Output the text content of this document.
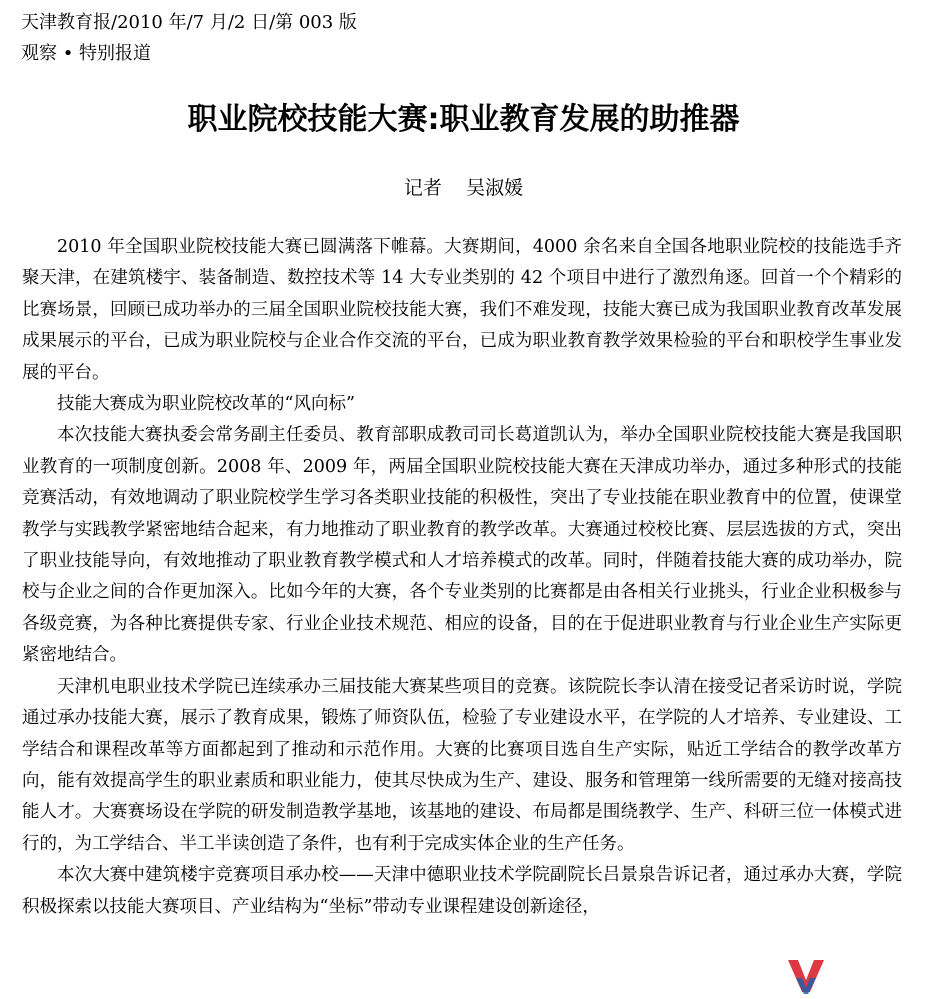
天津教育报/2010 年/7 月/2 日/第 003 版
观察 • 特别报道
职业院校技能大赛:职业教育发展的助推器
记者    吴淑媛

2010 年全国职业院校技能大赛已圆满落下帷幕。大赛期间，4000 余名来自全国各地职业院校的技能选手齐聚天津，在建筑楼宇、装备制造、数控技术等 14 大专业类别的 42 个项目中进行了激烈角逐。回首一个个精彩的比赛场景，回顾已成功举办的三届全国职业院校技能大赛，我们不难发现，技能大赛已成为我国职业教育改革发展成果展示的平台，已成为职业院校与企业合作交流的平台，已成为职业教育教学效果检验的平台和职校学生事业发展的平台。

技能大赛成为职业院校改革的“风向标”

本次技能大赛执委会常务副主任委员、教育部职成教司司长葛道凯认为，举办全国职业院校技能大赛是我国职业教育的一项制度创新。2008 年、2009 年，两届全国职业院校技能大赛在天津成功举办，通过多种形式的技能竞赛活动，有效地调动了职业院校学生学习各类职业技能的积极性，突出了专业技能在职业教育中的位置，使课堂教学与实践教学紧密地结合起来，有力地推动了职业教育的教学改革。大赛通过校校比赛、层层选拔的方式，突出了职业技能导向，有效地推动了职业教育教学模式和人才培养模式的改革。同时，伴随着技能大赛的成功举办，院校与企业之间的合作更加深入。比如今年的大赛，各个专业类别的比赛都是由各相关行业挑头，行业企业积极参与各级竞赛，为各种比赛提供专家、行业企业技术规范、相应的设备，目的在于促进职业教育与行业企业生产实际更紧密地结合。

天津机电职业技术学院已连续承办三届技能大赛某些项目的竞赛。该院院长李认清在接受记者采访时说，学院通过承办技能大赛，展示了教育成果，锻炼了师资队伍，检验了专业建设水平，在学院的人才培养、专业建设、工学结合和课程改革等方面都起到了推动和示范作用。大赛的比赛项目选自生产实际，贴近工学结合的教学改革方向，能有效提高学生的职业素质和职业能力，使其尽快成为生产、建设、服务和管理第一线所需要的无缝对接高技能人才。大赛赛场设在学院的研发制造教学基地，该基地的建设、布局都是围绕教学、生产、科研三位一体模式进行的，为工学结合、半工半读创造了条件，也有利于完成实体企业的生产任务。

本次大赛中建筑楼宇竞赛项目承办校——天津中德职业技术学院副院长吕景泉告诉记者，通过承办大赛，学院积极探索以技能大赛项目、产业结构为“坐标”带动专业课程建设创新途径，
